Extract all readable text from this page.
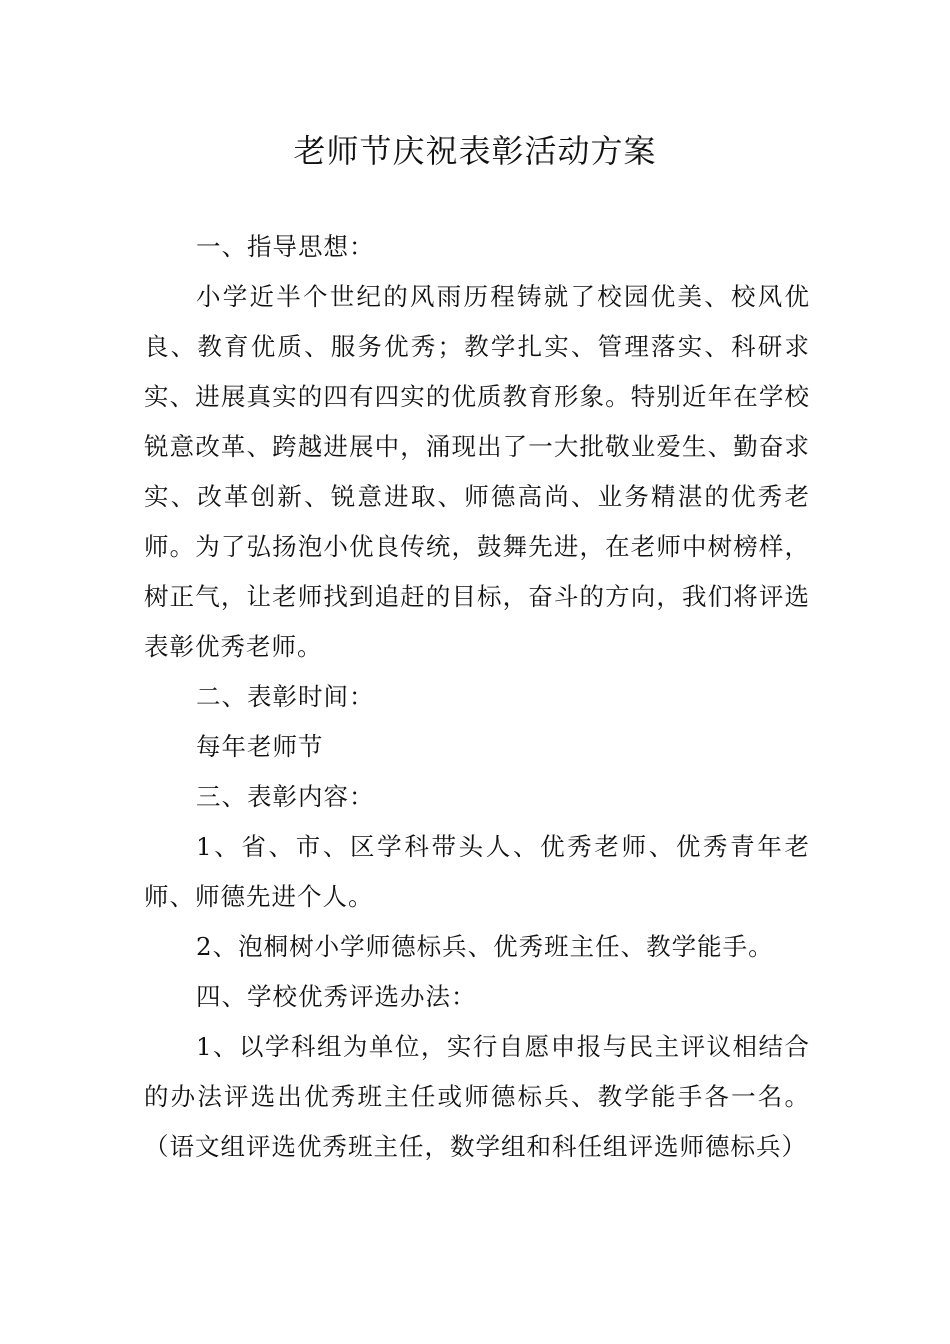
老师节庆祝表彰活动方案

一、指导思想：

小学近半个世纪的风雨历程铸就了校园优美、校风优良、教育优质、服务优秀；教学扎实、管理落实、科研求实、进展真实的四有四实的优质教育形象。特别近年在学校锐意改革、跨越进展中，涌现出了一大批敬业爱生、勤奋求实、改革创新、锐意进取、师德高尚、业务精湛的优秀老师。为了弘扬泡小优良传统，鼓舞先进，在老师中树榜样，树正气，让老师找到追赶的目标，奋斗的方向，我们将评选表彰优秀老师。

二、表彰时间：

每年老师节

三、表彰内容：

1、省、市、区学科带头人、优秀老师、优秀青年老师、师德先进个人。

2、泡桐树小学师德标兵、优秀班主任、教学能手。

四、学校优秀评选办法：

1、以学科组为单位，实行自愿申报与民主评议相结合的办法评选出优秀班主任或师德标兵、教学能手各一名。（语文组评选优秀班主任，数学组和科任组评选师德标兵）
